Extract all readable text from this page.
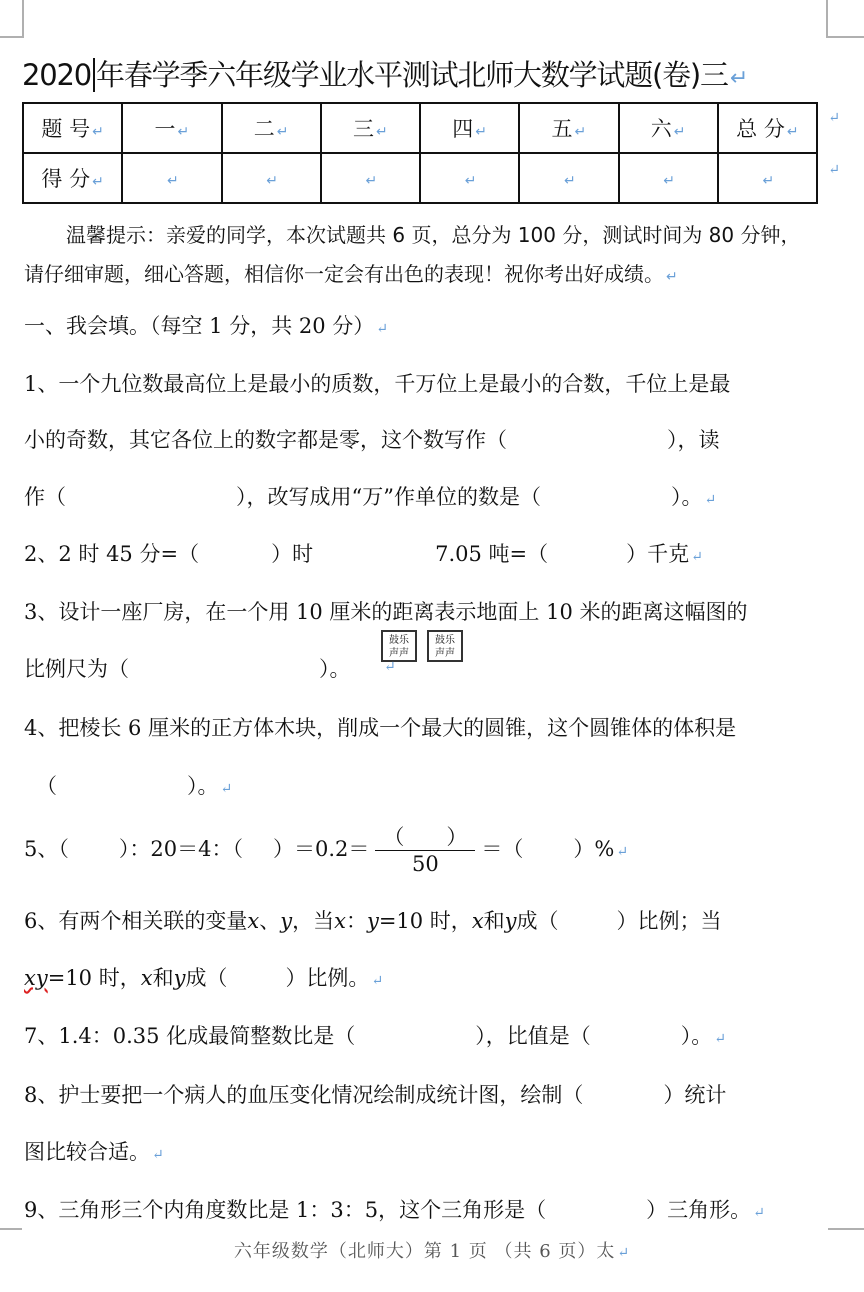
2020 年春学季六年级学业水平测试北师大数学试题(卷)三↵
题 号 ↵	一 ↵	二 ↵	三 ↵	四 ↵	五 ↵	六 ↵	总 分 ↵
得 分 ↵	↵	↵	↵	↵	↵	↵	↵
↵
↵
温馨提示：亲爱的同学，本次试题共 6 页，总分为 100 分，测试时间为 80 分钟，
请仔细审题，细心答题，相信你一定会有出色的表现！祝你考出好成绩。 ↵
一、我会填。（每空 1 分，共 20 分） ↵
1、一个九位数最高位上是最小的质数，千万位上是最小的合数，千位上是最
小的奇数，其它各位上的数字都是零，这个数写作（	），读
作（	），改写成用“万”作单位的数是（	）。 ↵
2、2 时 45 分=（	）时	7.05 吨=（	）千克 ↵
3、设计一座厂房，在一个用 10 厘米的距离表示地面上 10 米的距离这幅图的
比例尺为（	）。
鼓乐
声声鼓乐
声声
↵
4、把棱长 6 厘米的正方体木块，削成一个最大的圆锥，这个圆锥体的体积是
（	）。 ↵
5、（ ）：20＝4：（ ）$=0.2= \frac{( )}{50}$ ＝（ ）% ↵
6、有两个相关联的变量x、y，当x：y=10 时，x和y成（	）比例；当
xy=10 时，x和y成（	）比例。 ↵
7、1.4：0.35 化成最简整数比是（	），比值是（	）。 ↵
8、护士要把一个病人的血压变化情况绘制成统计图，绘制（	）统计
图比较合适。 ↵
9、三角形三个内角度数比是 1：3：5，这个三角形是（	）三角形。 ↵
六年级数学（北师大）第 1 页 （共 6 页）太 ↵
